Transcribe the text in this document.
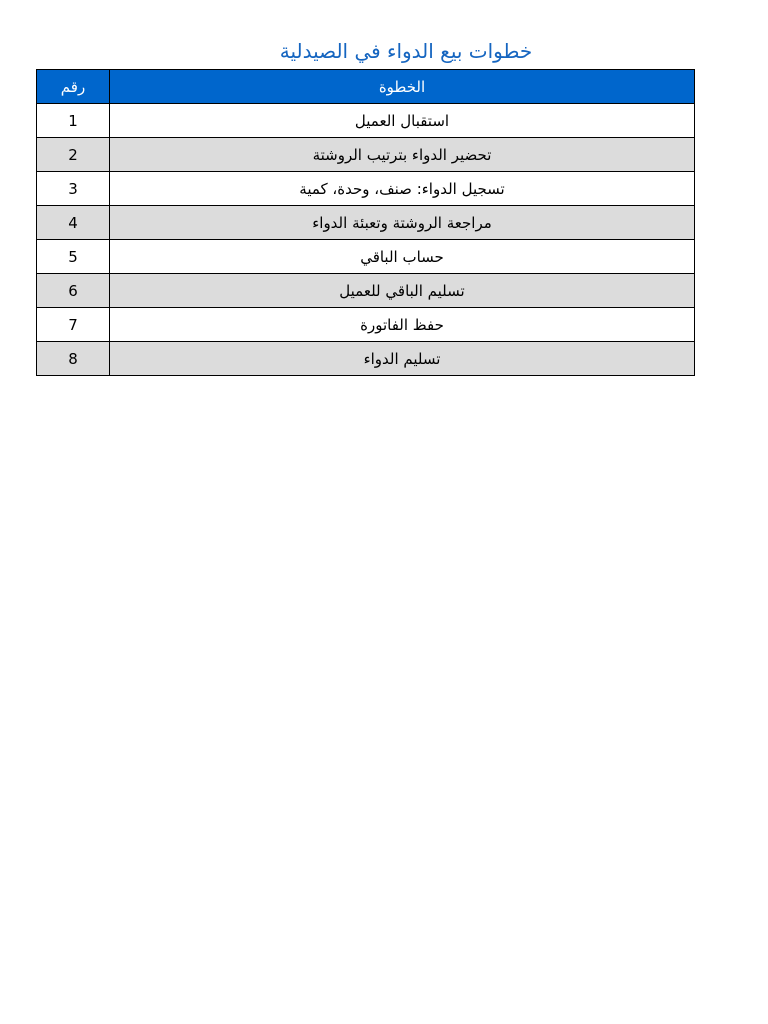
خطوات بيع الدواء في الصيدلية
رقم	الخطوة
1	استقبال العميل
2	تحضير الدواء بترتيب الروشتة
3	تسجيل الدواء: صنف، وحدة، كمية
4	مراجعة الروشتة وتعبئة الدواء
5	حساب الباقي
6	تسليم الباقي للعميل
7	حفظ الفاتورة
8	تسليم الدواء
